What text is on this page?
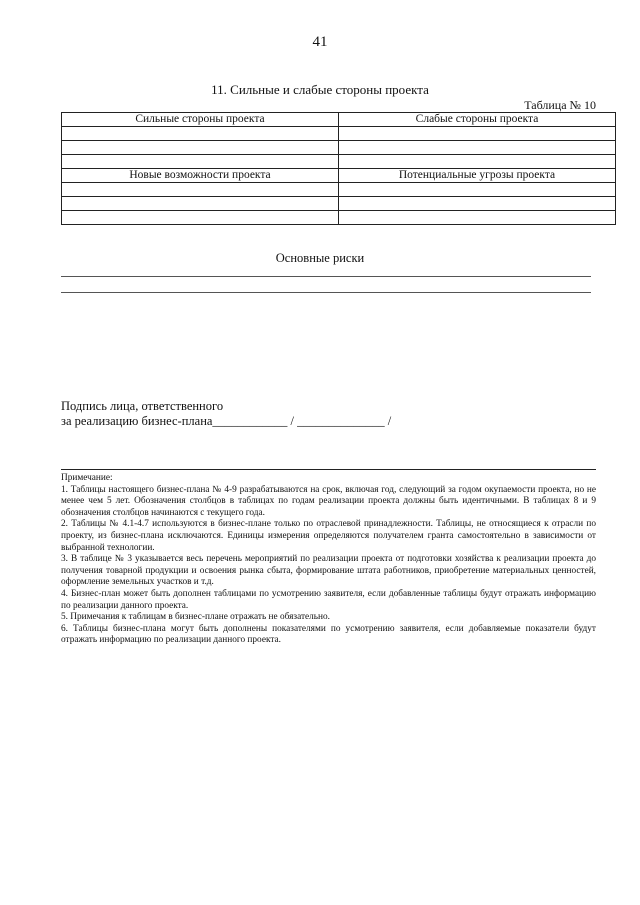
41
11. Сильные и слабые стороны проекта
Таблица № 10
Сильные стороны проекта	Слабые стороны проекта

Новые возможности проекта	Потенциальные угрозы проекта

Основные риски
Подпись лица, ответственного
за реализацию бизнес-плана____________ / ______________ /
Примечание:
1. Таблицы настоящего бизнес-плана № 4-9 разрабатываются на срок, включая год, следующий за годом окупаемости проекта, но не менее чем 5 лет. Обозначения столбцов в таблицах по годам реализации проекта должны быть идентичными. В таблицах 8 и 9 обозначения столбцов начинаются с текущего года.
2. Таблицы № 4.1-4.7 используются в бизнес-плане только по отраслевой принадлежности. Таблицы, не относящиеся к отрасли по проекту, из бизнес-плана исключаются. Единицы измерения определяются получателем гранта самостоятельно в зависимости от выбранной технологии.
3. В таблице № 3 указывается весь перечень мероприятий по реализации проекта от подготовки хозяйства к реализации проекта до получения товарной продукции и освоения рынка сбыта, формирование штата работников, приобретение материальных ценностей, оформление земельных участков и т.д.
4. Бизнес-план может быть дополнен таблицами по усмотрению заявителя, если добавленные таблицы будут отражать информацию по реализации данного проекта.
5. Примечания к таблицам в бизнес-плане отражать не обязательно.
6. Таблицы бизнес-плана могут быть дополнены показателями по усмотрению заявителя, если добавляемые показатели будут отражать информацию по реализации данного проекта.
